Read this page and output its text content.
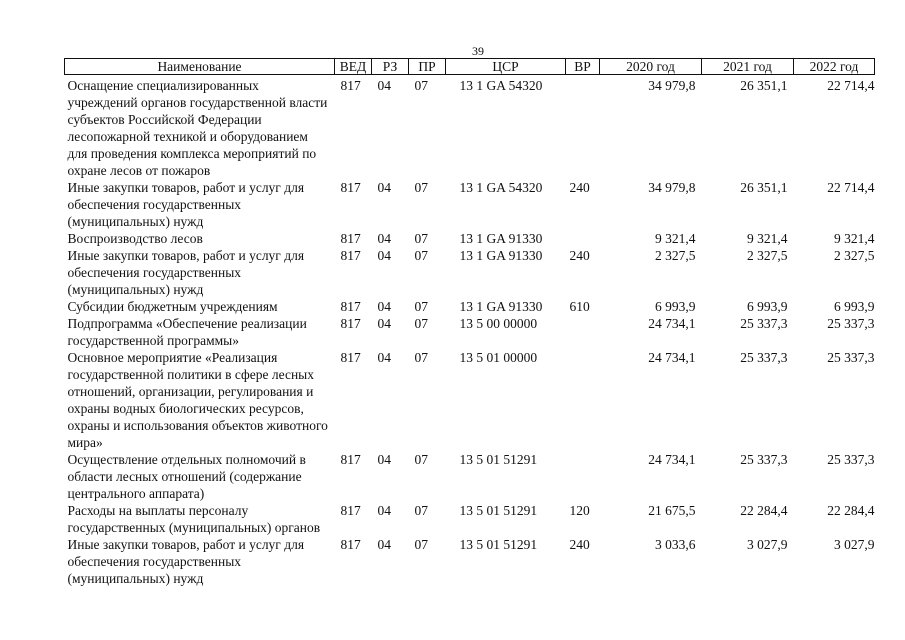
39
Наименование	ВЕД	РЗ	ПР	ЦСР	ВР	2020 год	2021 год	2022 год
Оснащение специализированных учреждений органов государственной власти субъектов Российской Федерации лесопожарной техникой и оборудованием для проведения комплекса мероприятий по охране лесов от пожаров	817	04	07	13 1 GA 54320		34 979,8	26 351,1	22 714,4
Иные закупки товаров, работ и услуг для обеспечения государственных (муниципальных) нужд	817	04	07	13 1 GA 54320	240	34 979,8	26 351,1	22 714,4
Воспроизводство лесов	817	04	07	13 1 GA 91330		9 321,4	9 321,4	9 321,4
Иные закупки товаров, работ и услуг для обеспечения государственных (муниципальных) нужд	817	04	07	13 1 GA 91330	240	2 327,5	2 327,5	2 327,5
Субсидии бюджетным учреждениям	817	04	07	13 1 GA 91330	610	6 993,9	6 993,9	6 993,9
Подпрограмма «Обеспечение реализации государственной программы»	817	04	07	13 5 00 00000		24 734,1	25 337,3	25 337,3
Основное мероприятие «Реализация государственной политики в сфере лесных отношений, организации, регулирования и охраны водных биологических ресурсов, охраны и использования объектов животного мира»	817	04	07	13 5 01 00000		24 734,1	25 337,3	25 337,3
Осуществление отдельных полномочий в области лесных отношений (содержание центрального аппарата)	817	04	07	13 5 01 51291		24 734,1	25 337,3	25 337,3
Расходы на выплаты персоналу государственных (муниципальных) органов	817	04	07	13 5 01 51291	120	21 675,5	22 284,4	22 284,4
Иные закупки товаров, работ и услуг для обеспечения государственных (муниципальных) нужд	817	04	07	13 5 01 51291	240	3 033,6	3 027,9	3 027,9
